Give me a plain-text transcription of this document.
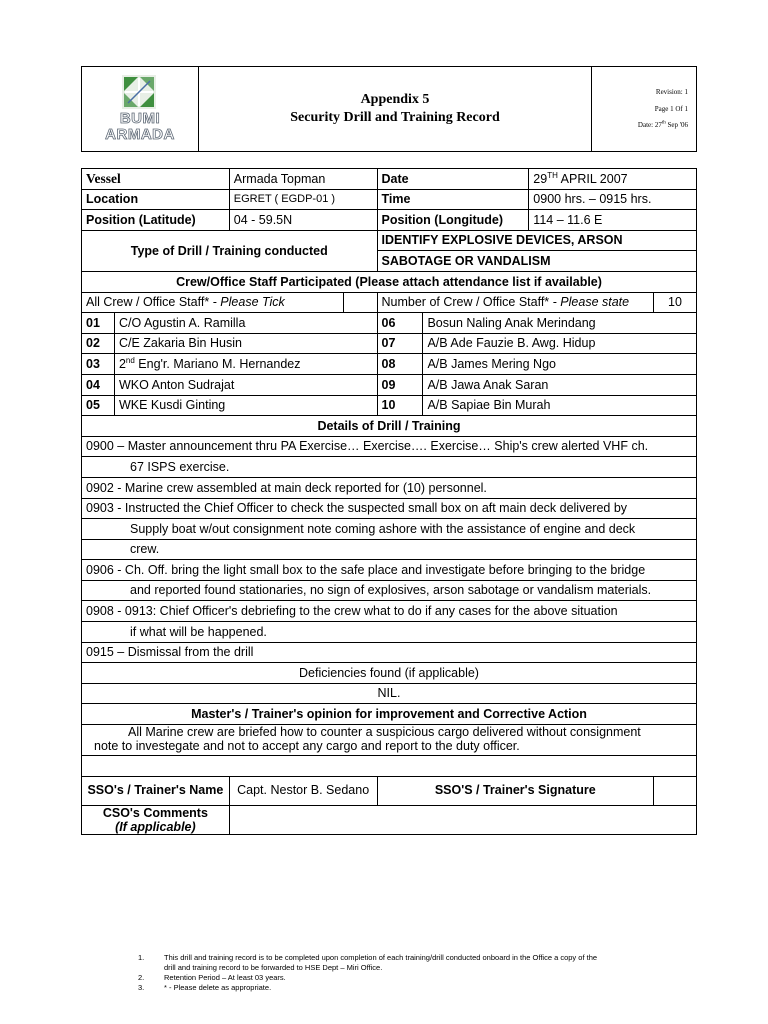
BUMI
ARMADA

Appendix 5
Security Drill and Training Record

Revision: 1
Page 1 Of 1
Date: 27th Sep '06
Vessel		Armada Topman		Date		29TH APRIL 2007	
Location		EGRET ( EGDP-01 )		Time		0900 hrs. – 0915 hrs.	
Position (Latitude)		04 - 59.5N		Position (Longitude)		114 – 11.6 E	
Type of Drill / Training conducted				IDENTIFY EXPLOSIVE DEVICES, ARSON			
				SABOTAGE OR VANDALISM			
Crew/Office Staff Participated (Please attach attendance list if available)							
All Crew / Office Staff* - Please Tick				Number of Crew / Office Staff* - Please state			10
01	C/O Agustin A. Ramilla			06	Bosun Naling Anak Merindang		
02	C/E Zakaria Bin Husin			07	A/B Ade Fauzie B. Awg. Hidup		
03	2nd Eng'r. Mariano M. Hernandez			08	A/B James Mering Ngo		
04	WKO Anton Sudrajat			09	A/B Jawa Anak Saran		
05	WKE Kusdi Ginting			10	A/B Sapiae Bin Murah		
Details of Drill / Training							
0900 – Master announcement thru PA Exercise… Exercise…. Exercise… Ship's crew alerted VHF ch.							
67 ISPS exercise.							
0902 - Marine crew assembled at main deck reported for (10) personnel.							
0903 - Instructed the Chief Officer to check the suspected small box on aft main deck delivered by							
Supply boat w/out consignment note coming ashore with the assistance of engine and deck							
crew.							
0906 - Ch. Off. bring the light small box to the safe place and investigate before bringing to the bridge							
and reported found stationaries, no sign of explosives, arson sabotage or vandalism materials.							
0908 - 0913: Chief Officer's debriefing to the crew what to do if any cases for the above situation							
if what will be happened.							
0915 – Dismissal from the drill							
Deficiencies found (if applicable)							
NIL.							
Master's / Trainer's opinion for improvement and Corrective Action							

All Marine crew are briefed how to counter a suspicious cargo delivered without consignment
note to investegate and not to accept any cargo and report to the duty officer.							

SSO's / Trainer's Name		Capt. Nestor B. Sedano		SSO'S / Trainer's Signature			

CSO's Comments
(If applicable)							

1.	This drill and training record is to be completed upon completion of each training/drill conducted onboard in the Office a copy of the drill and training record to be forwarded to HSE Dept – Miri Office.
2.	Retention Period – At least 03 years.
3.	* - Please delete as appropriate.
